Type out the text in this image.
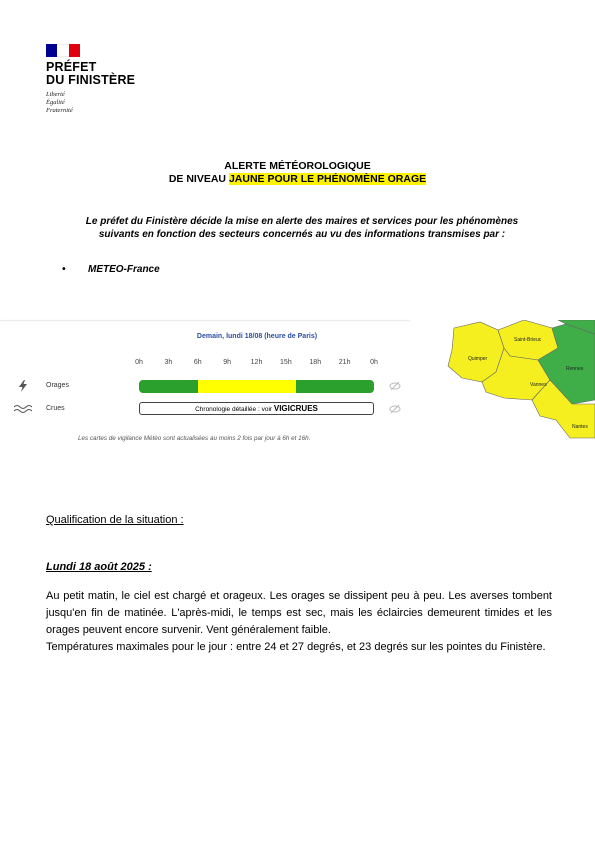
PRÉFET
DU FINISTÈRE
Liberté
Égalité
Fraternité
ALERTE MÉTÉOROLOGIQUE
DE NIVEAU JAUNE POUR LE PHÉNOMÈNE ORAGE
Le préfet du Finistère décide la mise en alerte des maires et services pour les phénomènes
suivants en fonction des secteurs concernés au vu des informations transmises par :
• METEO-France
Demain, lundi 18/08 (heure de Paris)
0h	3h	6h	9h	12h	15h	18h	21h	0h
Orages
Crues	Chronologie détaillée : voir VIGICRUES
Les cartes de vigilance Météo sont actualisées au moins 2 fois par jour à 6h et 16h.
Quimper
Saint-Brieuc
Vannes
Rennes
Nantes
Qualification de la situation :
Lundi 18 août 2025 :
Au petit matin, le ciel est chargé et orageux. Les orages se dissipent peu à peu. Les averses tombent jusqu'en fin de matinée. L'après-midi, le temps est sec, mais les éclaircies demeurent timides et les orages peuvent encore survenir. Vent généralement faible.
Températures maximales pour le jour : entre 24 et 27 degrés, et 23 degrés sur les pointes du Finistère.
